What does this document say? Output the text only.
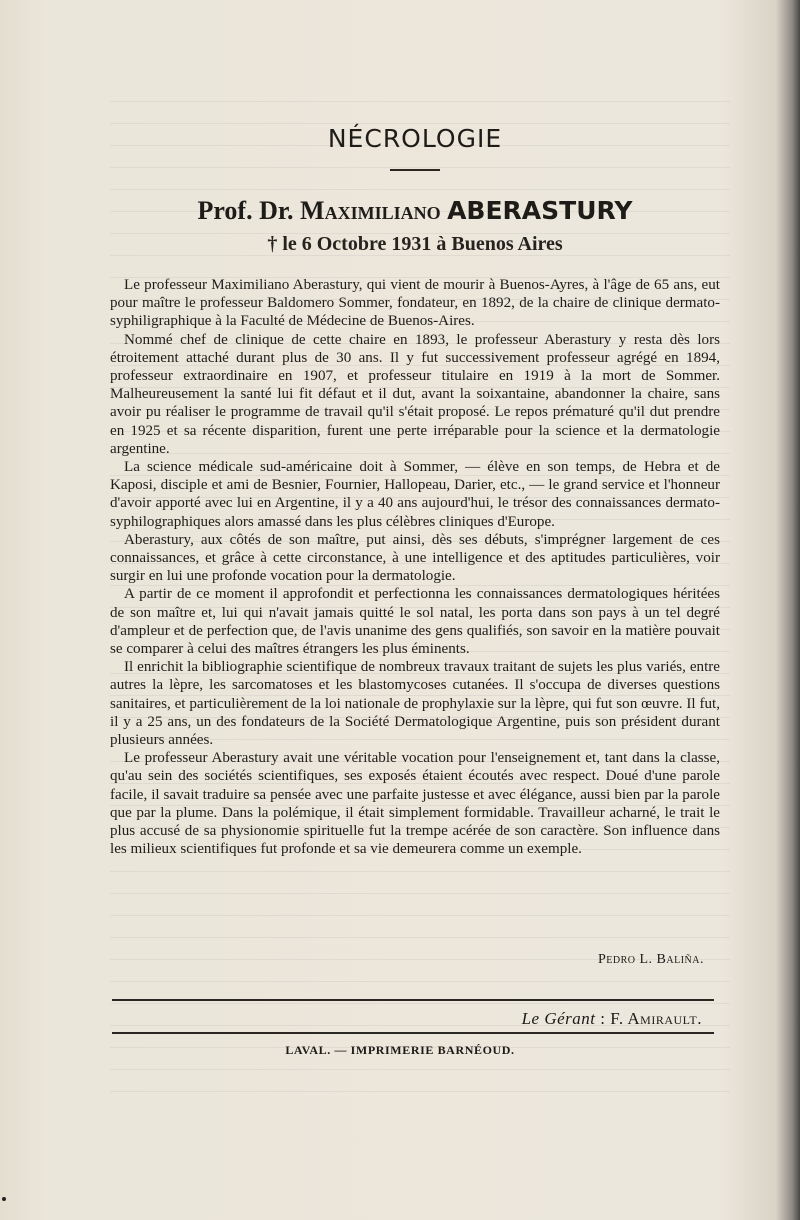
NÉCROLOGIE
Prof. Dr. Maximiliano ABERASTURY
† le 6 Octobre 1931 à Buenos Aires

Le professeur Maximiliano Aberastury, qui vient de mourir à Buenos-Ayres, à l'âge de 65 ans, eut pour maître le professeur Baldomero Sommer, fondateur, en 1892, de la chaire de clinique dermato-syphiligraphique à la Faculté de Médecine de Buenos-Aires.

Nommé chef de clinique de cette chaire en 1893, le professeur Aberastury y resta dès lors étroitement attaché durant plus de 30 ans. Il y fut successivement professeur agrégé en 1894, professeur extraordinaire en 1907, et professeur titulaire en 1919 à la mort de Sommer. Malheureusement la santé lui fit défaut et il dut, avant la soixantaine, abandonner la chaire, sans avoir pu réaliser le programme de travail qu'il s'était proposé. Le repos prématuré qu'il dut prendre en 1925 et sa récente disparition, furent une perte irréparable pour la science et la dermatologie argentine.

La science médicale sud-américaine doit à Sommer, — élève en son temps, de Hebra et de Kaposi, disciple et ami de Besnier, Fournier, Hallopeau, Darier, etc., — le grand service et l'honneur d'avoir apporté avec lui en Argentine, il y a 40 ans aujourd'hui, le trésor des connaissances dermato-syphilographiques alors amassé dans les plus célèbres cliniques d'Europe.

Aberastury, aux côtés de son maître, put ainsi, dès ses débuts, s'imprégner largement de ces connaissances, et grâce à cette circonstance, à une intelligence et des aptitudes particulières, voir surgir en lui une profonde vocation pour la dermatologie.

A partir de ce moment il approfondit et perfectionna les connaissances dermatologiques héritées de son maître et, lui qui n'avait jamais quitté le sol natal, les porta dans son pays à un tel degré d'ampleur et de perfection que, de l'avis unanime des gens qualifiés, son savoir en la matière pouvait se comparer à celui des maîtres étrangers les plus éminents.

Il enrichit la bibliographie scientifique de nombreux travaux traitant de sujets les plus variés, entre autres la lèpre, les sarcomatoses et les blastomycoses cutanées. Il s'occupa de diverses questions sanitaires, et particulièrement de la loi nationale de prophylaxie sur la lèpre, qui fut son œuvre. Il fut, il y a 25 ans, un des fondateurs de la Société Dermatologique Argentine, puis son président durant plusieurs années.

Le professeur Aberastury avait une véritable vocation pour l'enseignement et, tant dans la classe, qu'au sein des sociétés scientifiques, ses exposés étaient écoutés avec respect. Doué d'une parole facile, il savait traduire sa pensée avec une parfaite justesse et avec élégance, aussi bien par la parole que par la plume. Dans la polémique, il était simplement formidable. Travailleur acharné, le trait le plus accusé de sa physionomie spirituelle fut la trempe acérée de son caractère. Son influence dans les milieux scientifiques fut profonde et sa vie demeurera comme un exemple.

Pedro L. Baliña.
Le Gérant : F. Amirault.
LAVAL. — IMPRIMERIE BARNÉOUD.
